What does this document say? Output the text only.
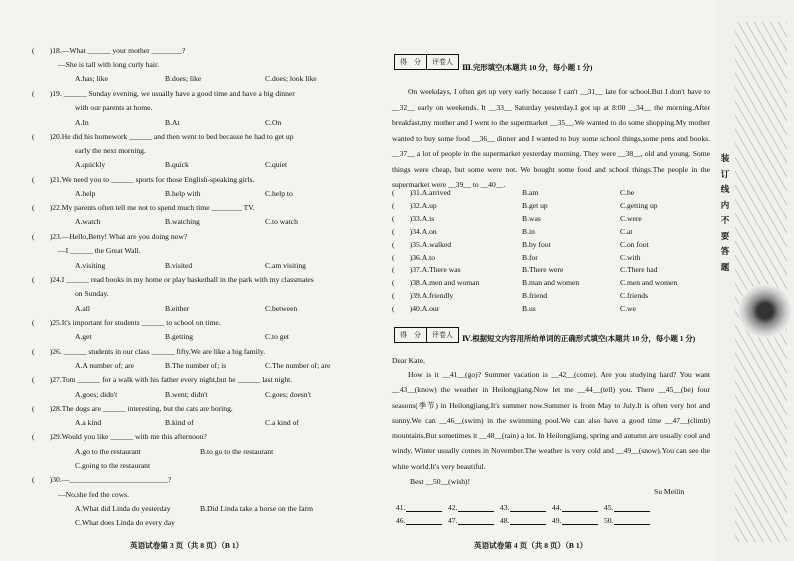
(　　)18.—What ______ your mother ________?
—She is tall with long curly hair.
A.has; like	B.does; like	C.does; look like
(　　)19. ______ Sunday evening, we usually have a good time and have a big dinner
with our parents at home.
A.In	B.At	C.On
(　　)20.He did his homework ______ and then went to bed because he had to get up
early the next morning.
A.quickly	B.quick	C.quiet
(　　)21.We need you to ______ sports for those English-speaking girls.
A.help	B.help with	C.help to
(　　)22.My parents often tell me not to spend much time ________ TV.
A.watch	B.watching	C.to watch
(　　)23.—Hello,Betty! What are you doing now?
—I ______ the Great Wall.
A.visiting	B.visited	C.am visiting
(　　)24.I ______ read books in my home or play basketball in the park with my classmates
on Sunday.
A.all	B.either	C.between
(　　)25.It's important for students ______ to school on time.
A.get	B.getting	C.to get
(　　)26. ______ students in our class ______ fifty.We are like a big family.
A.A number of; are	B.The number of; is	C.The number of; are
(　　)27.Tom ______ for a walk with his father every night,but he ______ last night.
A.goes; didn't	B.went; didn't	C.goes; doesn't
(　　)28.The dogs are ______ interesting, but the cats are boring.
A.a kind	B.kind of	C.a kind of
(　　)29.Would you like ______ with me this afternoon?
A.go to the restaurant	B.to go to the restaurant
C.going to the restaurant
(　　)30.—__________________________?
—No,she fed the cows.
A.What did Linda do yesterday	B.Did Linda take a horse on the farm
C.What does Linda do every day
英语试卷第 3 页（共 8 页）（B 1）
得　分	评卷人
Ⅲ.完形填空(本题共 10 分，每小题 1 分)
On weekdays, I often get up very early because I can't __31__ late for school.But I don't have to __32__ early on weekends. It __33__ Saturday yesterday.I got up at 8:00 __34__ the morning.After breakfast,my mother and I went to the supermarket __35__.We wanted to do some shopping.My mother wanted to buy some food __36__ dinner and I wanted to buy some school things,some pens and books. __37__ a lot of people in the supermarket yesterday morning. They were __38__, old and young. Some things were cheap, but some were not. We bought some food and school things.The people in the supermarket were __39__ to __40__.
(　　)31.A.arrived	B.am	C.be
(　　)32.A.up	B.get up	C.getting up
(　　)33.A.is	B.was	C.were
(　　)34.A.on	B.in	C.at
(　　)35.A.walked	B.by foot	C.on foot
(　　)36.A.to	B.for	C.with
(　　)37.A.There was	B.There were	C.There had
(　　)38.A.men and woman	B.man and women	C.men and women
(　　)39.A.friendly	B.friend	C.friends
(　　)40.A.our	B.us	C.we
得　分	评卷人	Ⅳ.根据短文内容用所给单词的正确形式填空(本题共 10 分，每小题 1 分)
Dear Kate,
How is it __41__(go)? Summer vacation is __42__(come). Are you studying hard? You want __43__(know) the weather in Heilongjiang.Now let me __44__(tell) you. There __45__(be) four seasons(季节) in Heilongjiang.It's summer now.Summer is from May to July.It is often very hot and sunny.We can __46__(swim) in the swimming pool.We can also have a good time __47__(climb) mountains.But sometimes it __48__(rain) a lot. In Heilongjiang, spring and autumn are usually cool and windy. Winter usually comes in November.The weather is very cold and __49__(snow).You can see the white world.It's very beautiful.
Best __50__(wish)!
Su Meilin
41.	42.	43.	44.	45.
46.	47.	48.	49.	50.
英语试卷第 4 页（共 8 页）（B 1）
装订线内不要答题
